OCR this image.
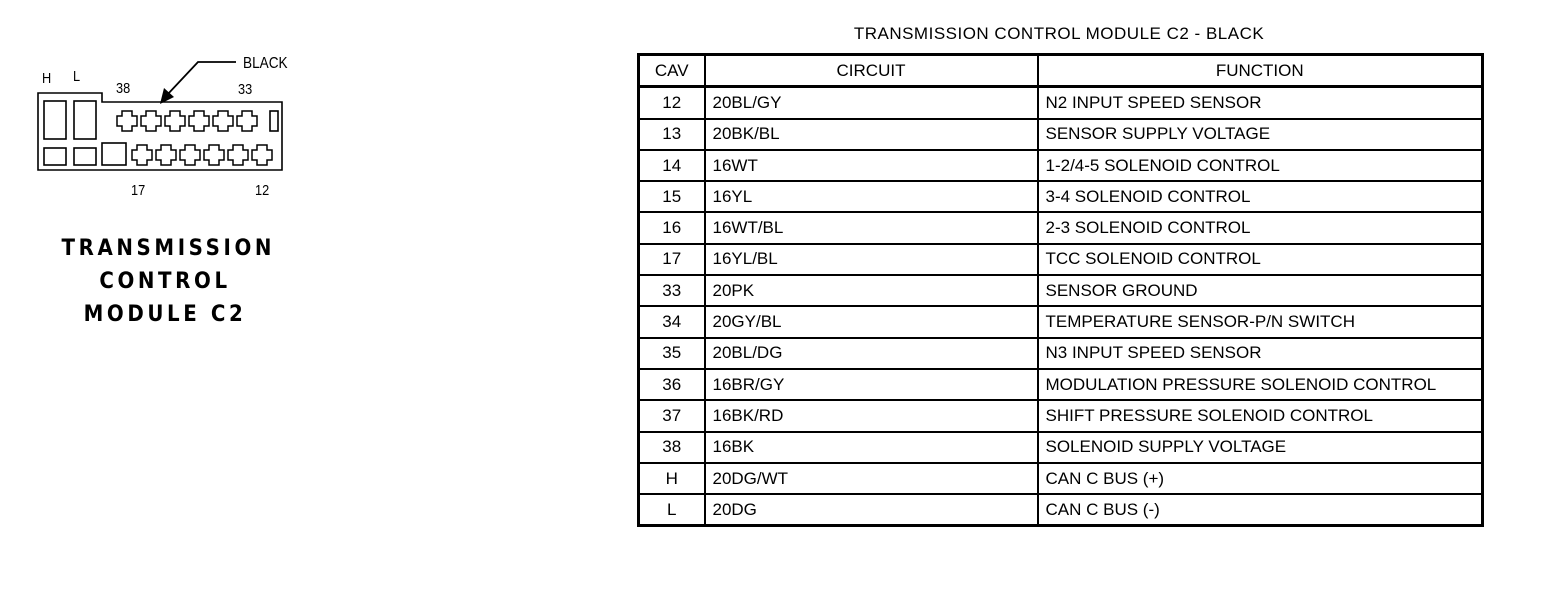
H L
38	33
17	12
BLACK
TRANSMISSION
CONTROL
MODULE C2
TRANSMISSION CONTROL MODULE C2 - BLACK
CAV	CIRCUIT	FUNCTION
12	20BL/GY	N2 INPUT SPEED SENSOR
13	20BK/BL	SENSOR SUPPLY VOLTAGE
14	16WT	1-2/4-5 SOLENOID CONTROL
15	16YL	3-4 SOLENOID CONTROL
16	16WT/BL	2-3 SOLENOID CONTROL
17	16YL/BL	TCC SOLENOID CONTROL
33	20PK	SENSOR GROUND
34	20GY/BL	TEMPERATURE SENSOR-P/N SWITCH
35	20BL/DG	N3 INPUT SPEED SENSOR
36	16BR/GY	MODULATION PRESSURE SOLENOID CONTROL
37	16BK/RD	SHIFT PRESSURE SOLENOID CONTROL
38	16BK	SOLENOID SUPPLY VOLTAGE
H	20DG/WT	CAN C BUS (+)
L	20DG	CAN C BUS (-)
